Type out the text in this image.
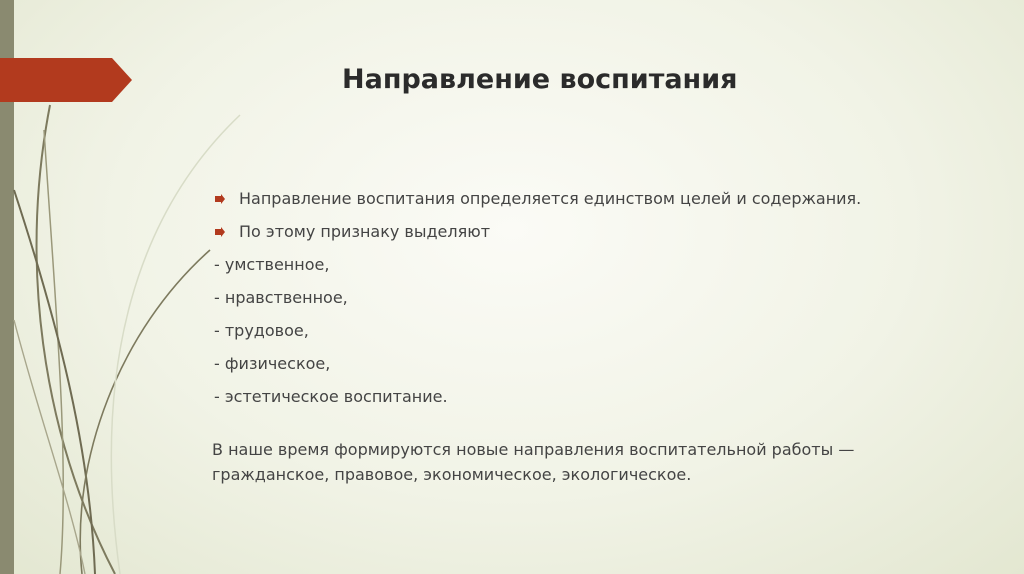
Направление воспитания
Направление воспитания определяется единством целей и содержания.
По этому признаку выделяют
- умственное,
- нравственное,
- трудовое,
- физическое,
- эстетическое воспитание.
В наше время формируются новые направления воспитательной работы —
гражданское, правовое, экономическое, экологическое.
